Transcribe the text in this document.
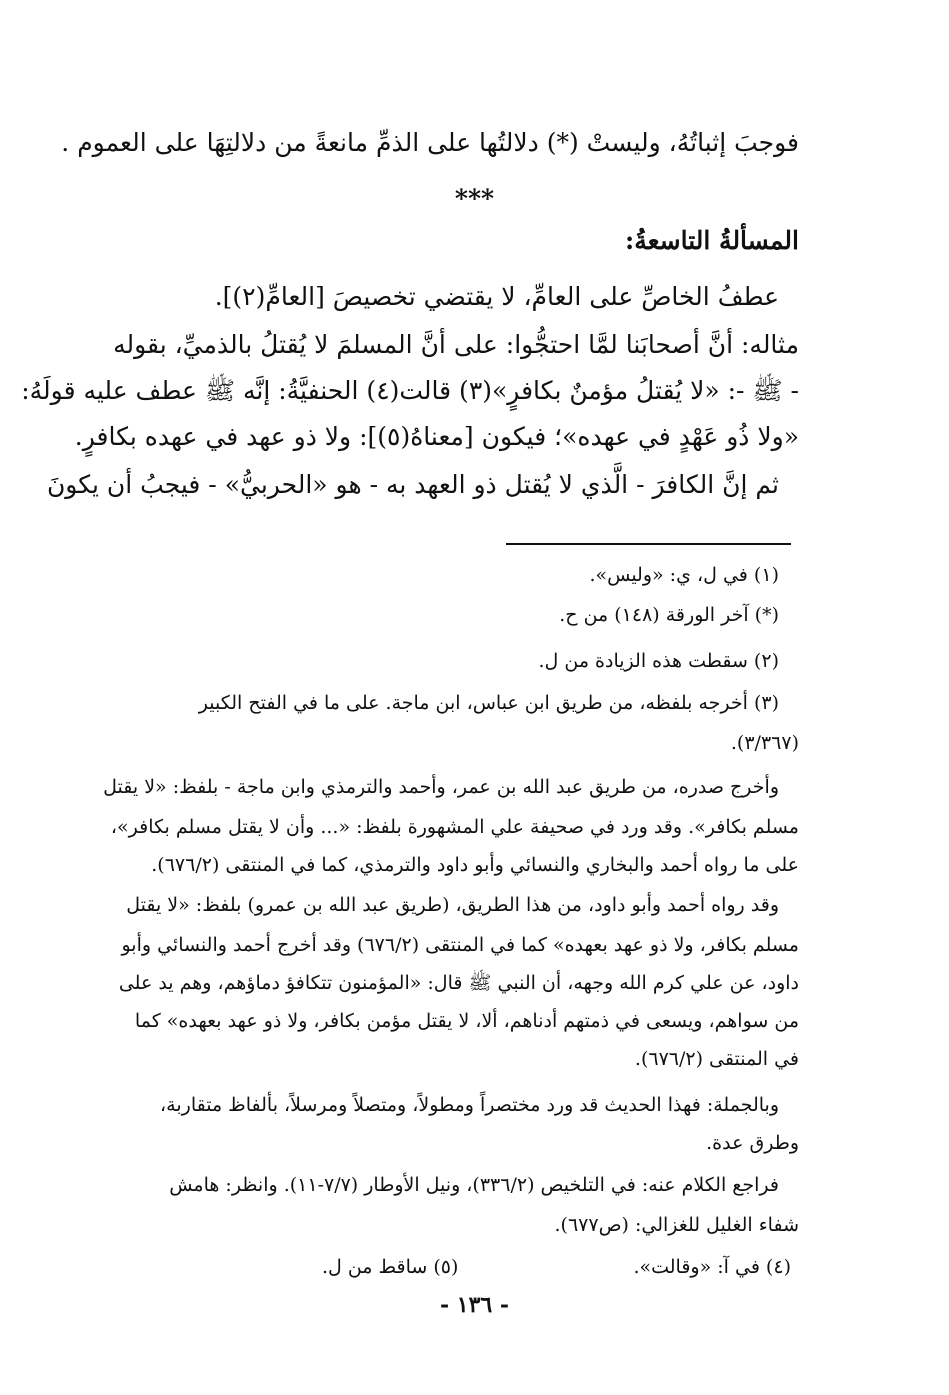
فوجبَ إثباتُهُ، وليستْ (*) دلالتُها على الذمِّ مانعةً من دلالتِهَا على العموم .
***
المسألةُ التاسعةُ:
عطفُ الخاصِّ على العامِّ، لا يقتضي تخصيصَ [العامِّ(٢)].
مثاله: أنَّ أصحابَنا لمَّا احتجُّوا: على أنَّ المسلمَ لا يُقتلُ بالذميِّ، بقوله
- ﷺ -: «لا يُقتلُ مؤمنٌ بكافرٍ»(٣) قالت(٤) الحنفيَّةُ: إنَّه ﷺ عطف عليه قولَهُ:
«ولا ذُو عَهْدٍ في عهده»؛ فيكون [معناهُ(٥)]: ولا ذو عهد في عهده بكافرٍ.
ثم إنَّ الكافرَ - الَّذي لا يُقتل ذو العهد به - هو «الحربيُّ» - فيجبُ أن يكونَ
(١) في ل، ي: «وليس».
(*) آخر الورقة (١٤٨) من ح.
(٢) سقطت هذه الزيادة من ل.
(٣) أخرجه بلفظه، من طريق ابن عباس، ابن ماجة. على ما في الفتح الكبير
(٣/٣٦٧).
وأخرج صدره، من طريق عبد الله بن عمر، وأحمد والترمذي وابن ماجة - بلفظ: «لا يقتل
مسلم بكافر». وقد ورد في صحيفة علي المشهورة بلفظ: «... وأن لا يقتل مسلم بكافر»،
على ما رواه أحمد والبخاري والنسائي وأبو داود والترمذي، كما في المنتقى (٦٧٦/٢).
وقد رواه أحمد وأبو داود، من هذا الطريق، (طريق عبد الله بن عمرو) بلفظ: «لا يقتل
مسلم بكافر، ولا ذو عهد بعهده» كما في المنتقى (٦٧٦/٢) وقد أخرج أحمد والنسائي وأبو
داود، عن علي كرم الله وجهه، أن النبي ﷺ قال: «المؤمنون تتكافؤ دماؤهم، وهم يد على
من سواهم، ويسعى في ذمتهم أدناهم، ألا، لا يقتل مؤمن بكافر، ولا ذو عهد بعهده» كما
في المنتقى (٦٧٦/٢).
وبالجملة: فهذا الحديث قد ورد مختصراً ومطولاً، ومتصلاً ومرسلاً، بألفاظ متقاربة،
وطرق عدة.
فراجع الكلام عنه: في التلخيص (٣٣٦/٢)، ونيل الأوطار (٧/٧-١١). وانظر: هامش
شفاء الغليل للغزالي: (ص٦٧٧).
(٤) في آ: «وقالت».
(٥) ساقط من ل.
- ١٣٦ -
